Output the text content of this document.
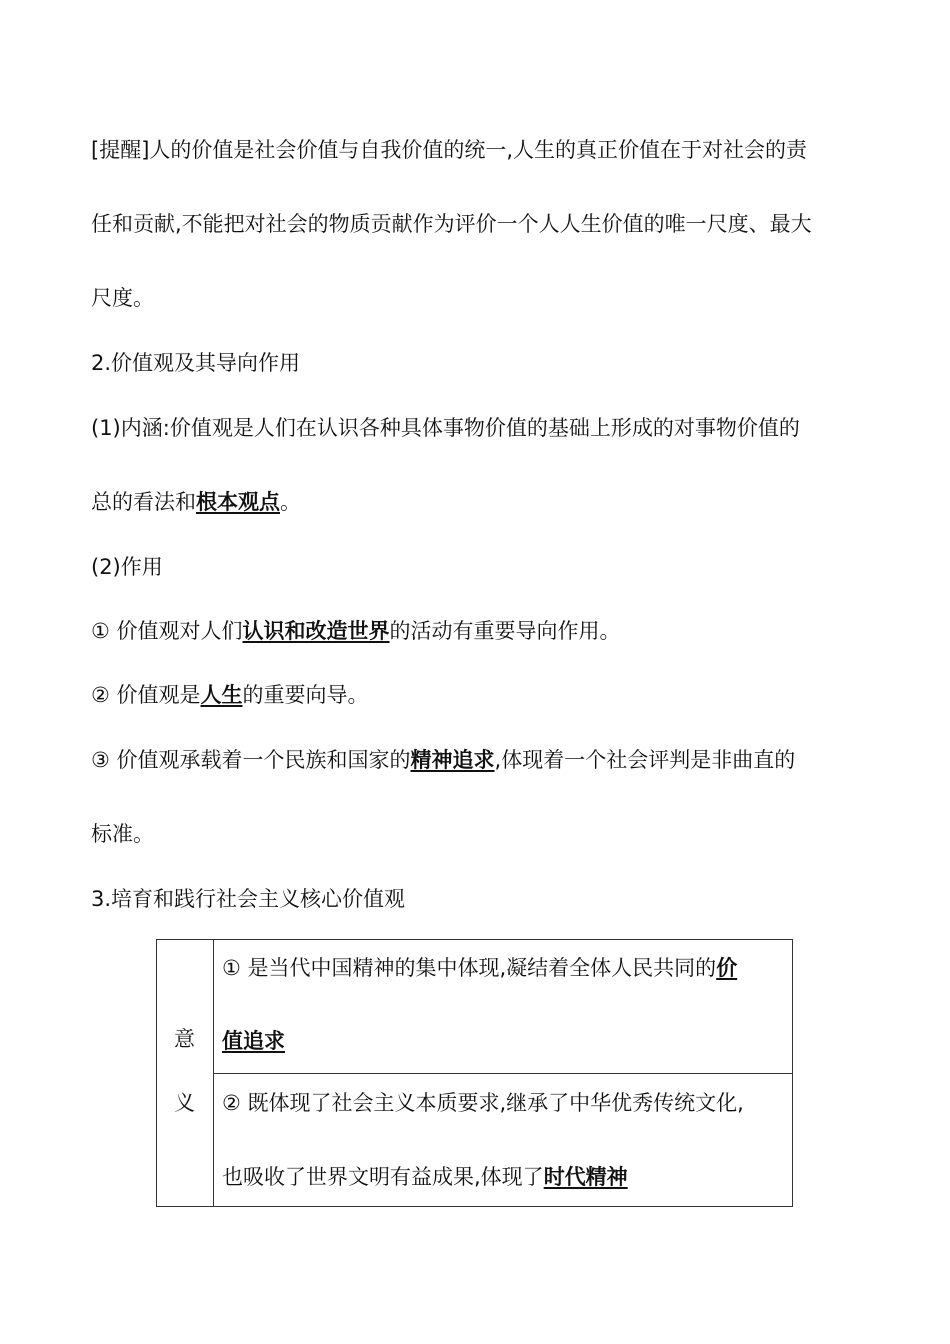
[提醒]人的价值是社会价值与自我价值的统一,人生的真正价值在于对社会的责
任和贡献,不能把对社会的物质贡献作为评价一个人人生价值的唯一尺度、最大
尺度。
2.价值观及其导向作用
(1)内涵:价值观是人们在认识各种具体事物价值的基础上形成的对事物价值的
总的看法和根本观点。
(2)作用
① 价值观对人们认识和改造世界的活动有重要导向作用。
② 价值观是人生的重要向导。
③ 价值观承载着一个民族和国家的精神追求,体现着一个社会评判是非曲直的
标准。
3.培育和践行社会主义核心价值观
意
义
① 是当代中国精神的集中体现,凝结着全体人民共同的价
值追求
② 既体现了社会主义本质要求,继承了中华优秀传统文化,
也吸收了世界文明有益成果,体现了时代精神
